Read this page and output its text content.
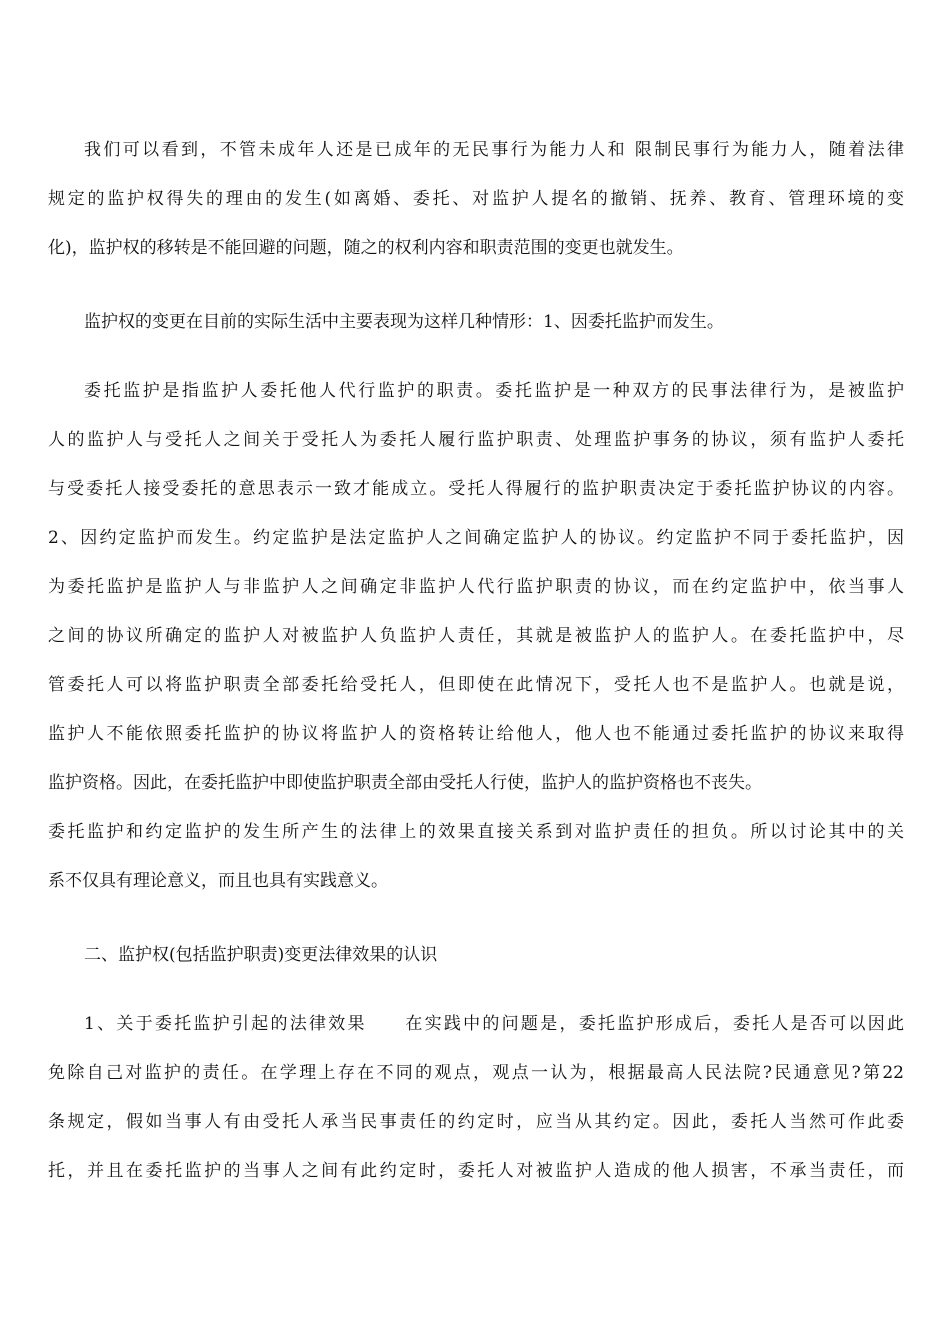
我们可以看到，不管未成年人还是已成年的无民事行为能力人和 限制民事行为能力人，随着法律
规定的监护权得失的理由的发生(如离婚、委托、对监护人提名的撤销、抚养、教育、管理环境的变
化)，监护权的移转是不能回避的问题，随之的权利内容和职责范围的变更也就发生。
监护权的变更在目前的实际生活中主要表现为这样几种情形：1、因委托监护而发生。
委托监护是指监护人委托他人代行监护的职责。委托监护是一种双方的民事法律行为，是被监护
人的监护人与受托人之间关于受托人为委托人履行监护职责、处理监护事务的协议，须有监护人委托
与受委托人接受委托的意思表示一致才能成立。受托人得履行的监护职责决定于委托监护协议的内容。
2、因约定监护而发生。约定监护是法定监护人之间确定监护人的协议。约定监护不同于委托监护，因
为委托监护是监护人与非监护人之间确定非监护人代行监护职责的协议，而在约定监护中，依当事人
之间的协议所确定的监护人对被监护人负监护人责任，其就是被监护人的监护人。在委托监护中，尽
管委托人可以将监护职责全部委托给受托人，但即使在此情况下，受托人也不是监护人。也就是说，
监护人不能依照委托监护的协议将监护人的资格转让给他人，他人也不能通过委托监护的协议来取得
监护资格。因此，在委托监护中即使监护职责全部由受托人行使，监护人的监护资格也不丧失。
委托监护和约定监护的发生所产生的法律上的效果直接关系到对监护责任的担负。所以讨论其中的关
系不仅具有理论意义，而且也具有实践意义。
二、监护权(包括监护职责)变更法律效果的认识
1、关于委托监护引起的法律效果　　在实践中的问题是，委托监护形成后，委托人是否可以因此
免除自己对监护的责任。在学理上存在不同的观点，观点一认为，根据最高人民法院?民通意见?第22
条规定，假如当事人有由受托人承当民事责任的约定时，应当从其约定。因此，委托人当然可作此委
托，并且在委托监护的当事人之间有此约定时，委托人对被监护人造成的他人损害，不承当责任，而
